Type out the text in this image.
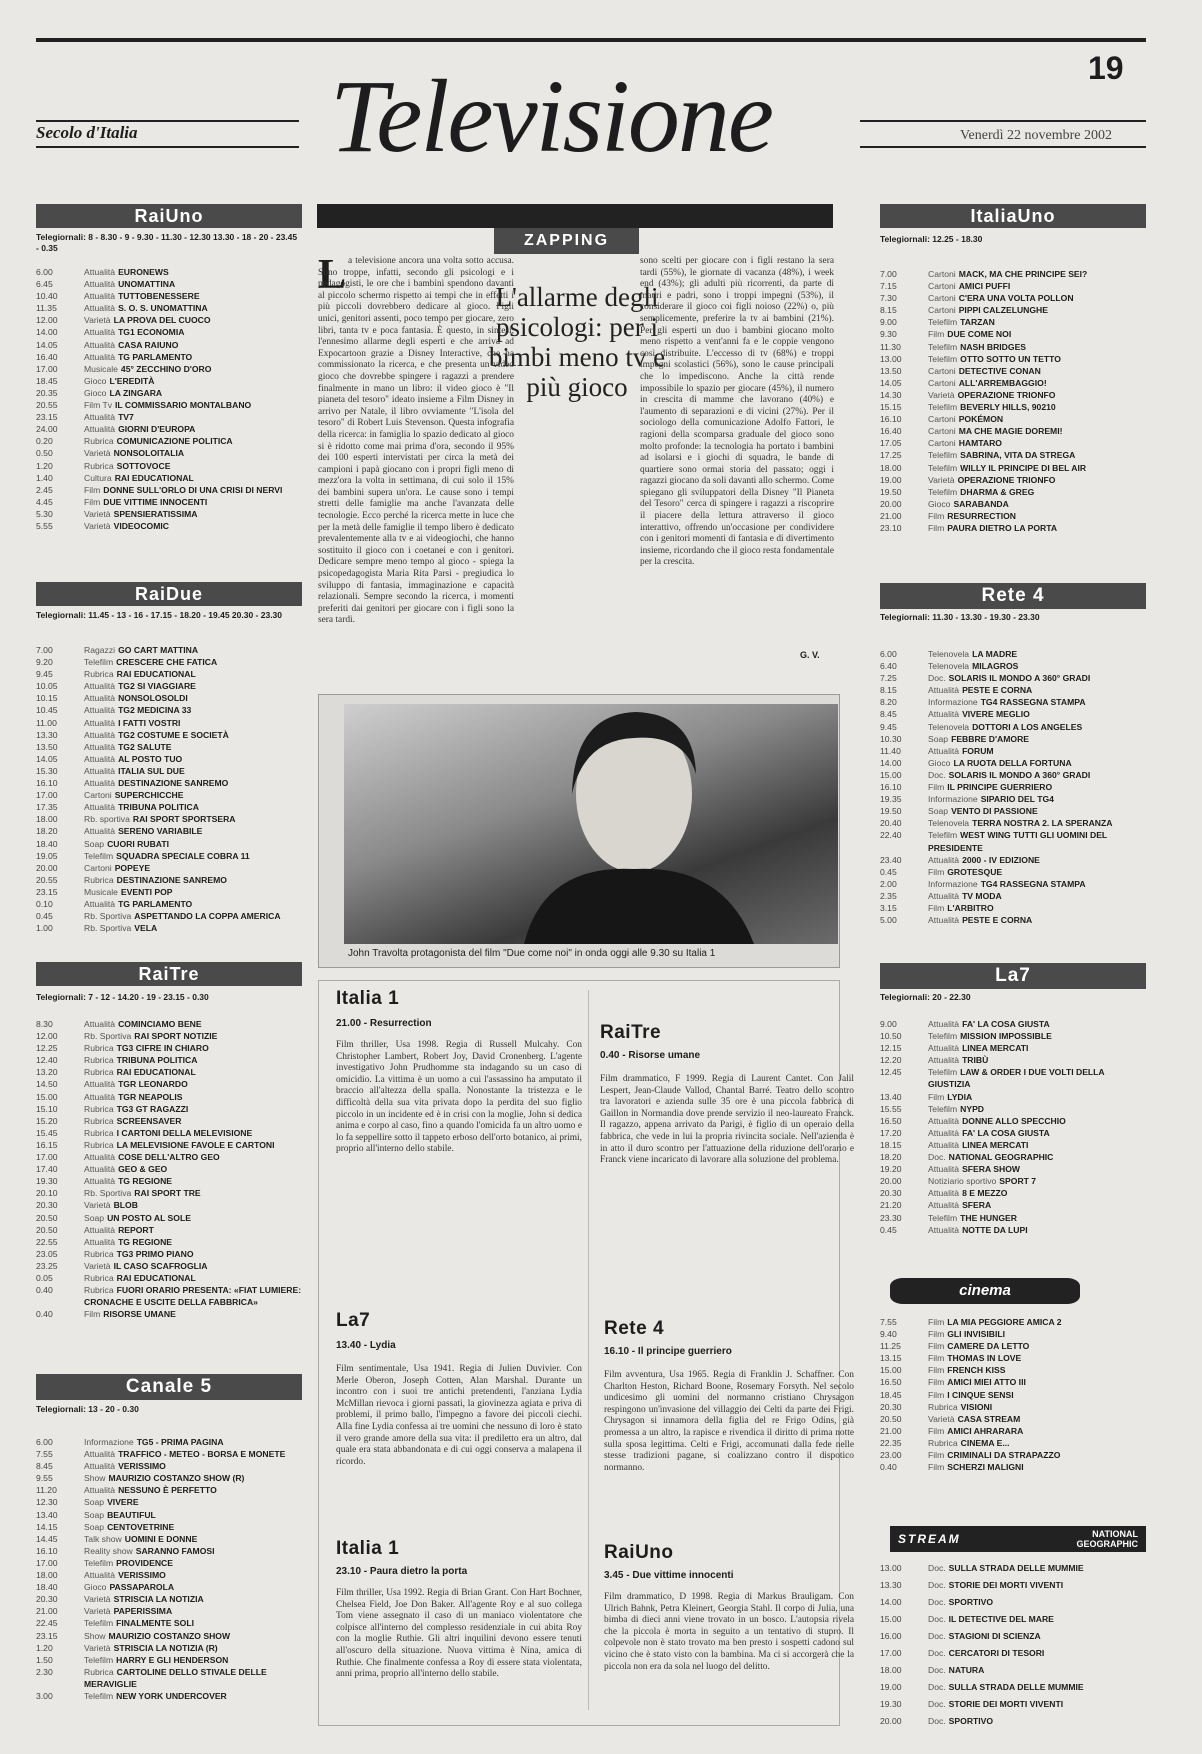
19
Secolo d'Italia Televisione	Venerdì 22 novembre 2002
RaiUno
Telegiornali: 8 - 8.30 - 9 - 9.30 - 11.30 - 12.30 13.30 - 18 - 20 - 23.45 - 0.35
6.00	Attualità EURONEWS
6.45	Attualità UNOMATTINA
10.40	Attualità TUTTOBENESSERE
11.35	Attualità S. O. S. UNOMATTINA
12.00	Varietà LA PROVA DEL CUOCO
14.00	Attualità TG1 ECONOMIA
14.05	Attualità CASA RAIUNO
16.40	Attualità TG PARLAMENTO
17.00	Musicale 45° ZECCHINO D'ORO
18.45	Gioco L'EREDITÀ
20.35	Gioco LA ZINGARA
20.55	Film Tv IL COMMISSARIO MONTALBANO
23.15	Attualità TV7
24.00	Attualità GIORNI D'EUROPA
0.20	Rubrica COMUNICAZIONE POLITICA
0.50	Varietà NONSOLOITALIA
1.20	Rubrica SOTTOVOCE
1.40	Cultura RAI EDUCATIONAL
2.45	Film DONNE SULL'ORLO DI UNA CRISI DI NERVI
4.45	Film DUE VITTIME INNOCENTI
5.30	Varietà SPENSIERATISSIMA
5.55	Varietà VIDEOCOMIC
RaiDue
Telegiornali: 11.45 - 13 - 16 - 17.15 - 18.20 - 19.45 20.30 - 23.30
7.00	Ragazzi GO CART MATTINA
9.20	Telefilm CRESCERE CHE FATICA
9.45	Rubrica RAI EDUCATIONAL
10.05	Attualità TG2 SI VIAGGIARE
10.15	Attualità NONSOLOSOLDI
10.45	Attualità TG2 MEDICINA 33
11.00	Attualità I FATTI VOSTRI
13.30	Attualità TG2 COSTUME E SOCIETÀ
13.50	Attualità TG2 SALUTE
14.05	Attualità AL POSTO TUO
15.30	Attualità ITALIA SUL DUE
16.10	Attualità DESTINAZIONE SANREMO
17.00	Cartoni SUPERCHICCHE
17.35	Attualità TRIBUNA POLITICA
18.00	Rb. sportiva RAI SPORT SPORTSERA
18.20	Attualità SERENO VARIABILE
18.40	Soap CUORI RUBATI
19.05	Telefilm SQUADRA SPECIALE COBRA 11
20.00	Cartoni POPEYE
20.55	Rubrica DESTINAZIONE SANREMO
23.15	Musicale EVENTI POP
0.10	Attualità TG PARLAMENTO
0.45	Rb. Sportiva ASPETTANDO LA COPPA AMERICA
1.00	Rb. Sportiva VELA
RaiTre
Telegiornali: 7 - 12 - 14.20 - 19 - 23.15 - 0.30
8.30	Attualità COMINCIAMO BENE
12.00	Rb. Sportiva RAI SPORT NOTIZIE
12.25	Rubrica TG3 CIFRE IN CHIARO
12.40	Rubrica TRIBUNA POLITICA
13.20	Rubrica RAI EDUCATIONAL
14.50	Attualità TGR LEONARDO
15.00	Attualità TGR NEAPOLIS
15.10	Rubrica TG3 GT RAGAZZI
15.20	Rubrica SCREENSAVER
15.45	Rubrica I CARTONI DELLA MELEVISIONE
16.15	Rubrica LA MELEVISIONE FAVOLE E CARTONI
17.00	Attualità COSE DELL'ALTRO GEO
17.40	Attualità GEO & GEO
19.30	Attualità TG REGIONE
20.10	Rb. Sportiva RAI SPORT TRE
20.30	Varietà BLOB
20.50	Soap UN POSTO AL SOLE
20.50	Attualità REPORT
22.55	Attualità TG REGIONE
23.05	Rubrica TG3 PRIMO PIANO
23.25	Varietà IL CASO SCAFROGLIA
0.05	Rubrica RAI EDUCATIONAL
0.40	Rubrica FUORI ORARIO PRESENTA: «FIAT LUMIERE: CRONACHE E USCITE DELLA FABBRICA»
0.40	Film RISORSE UMANE
Canale 5
Telegiornali: 13 - 20 - 0.30
6.00	Informazione TG5 - PRIMA PAGINA
7.55	Attualità TRAFFICO - METEO - BORSA E MONETE
8.45	Attualità VERISSIMO
9.55	Show MAURIZIO COSTANZO SHOW (R)
11.20	Attualità NESSUNO È PERFETTO
12.30	Soap VIVERE
13.40	Soap BEAUTIFUL
14.15	Soap CENTOVETRINE
14.45	Talk show UOMINI E DONNE
16.10	Reality show SARANNO FAMOSI
17.00	Telefilm PROVIDENCE
18.00	Attualità VERISSIMO
18.40	Gioco PASSAPAROLA
20.30	Varietà STRISCIA LA NOTIZIA
21.00	Varietà PAPERISSIMA
22.45	Telefilm FINALMENTE SOLI
23.15	Show MAURIZIO COSTANZO SHOW
1.20	Varietà STRISCIA LA NOTIZIA (R)
1.50	Telefilm HARRY E GLI HENDERSON
2.30	Rubrica CARTOLINE DELLO STIVALE DELLE MERAVIGLIE
3.00	Telefilm NEW YORK UNDERCOVER
ZAPPING
L'allarme degli psicologi: per i bimbi meno tv e più gioco
L a televisione ancora una volta sotto accusa. Sono troppe, infatti, secondo gli psicologi e i pedagogisti, le ore che i bambini spendono davanti al piccolo schermo rispetto ai tempi che in effetti i più piccoli dovrebbero dedicare al gioco. Figli unici, genitori assenti, poco tempo per giocare, zero libri, tanta tv e poca fantasia. È questo, in sintesi, l'ennesimo allarme degli esperti e che arriva ad Expocartoon grazie a Disney Interactive, che ha commissionato la ricerca, e che presenta un video gioco che dovrebbe spingere i ragazzi a prendere finalmente in mano un libro: il video gioco è "Il pianeta del tesoro" ideato insieme a Film Disney in arrivo per Natale, il libro ovviamente "L'isola del tesoro" di Robert Luis Stevenson. Questa infografia della ricerca: in famiglia lo spazio dedicato al gioco si è ridotto come mai prima d'ora, secondo il 95% dei 100 esperti intervistati per circa la metà dei campioni i papà giocano con i propri figli meno di mezz'ora la volta in settimana, di cui solo il 15% dei bambini supera un'ora. Le cause sono i tempi stretti delle famiglie ma anche l'avanzata delle tecnologie. Ecco perché la ricerca mette in luce che per la metà delle famiglie il tempo libero è dedicato prevalentemente alla tv e ai videogiochi, che hanno sostituito il gioco con i coetanei e con i genitori. Dedicare sempre meno tempo al gioco - spiega la psicopedagogista Maria Rita Parsi - pregiudica lo sviluppo di fantasia, immaginazione e capacità relazionali. Sempre secondo la ricerca, i momenti preferiti dai genitori per giocare con i figli sono la sera tardi.
sono scelti per giocare con i figli restano la sera tardi (55%), le giornate di vacanza (48%), i week end (43%); gli adulti più ricorrenti, da parte di madri e padri, sono i troppi impegni (53%), il considerare il gioco coi figli noioso (22%) o, più semplicemente, preferire la tv ai bambini (21%). Per gli esperti un duo i bambini giocano molto meno rispetto a vent'anni fa e le coppie vengono così distribuite. L'eccesso di tv (68%) e troppi impegni scolastici (56%), sono le cause principali che lo impediscono. Anche la città rende impossibile lo spazio per giocare (45%), il numero in crescita di mamme che lavorano (40%) e l'aumento di separazioni e di vicini (27%). Per il sociologo della comunicazione Adolfo Fattori, le ragioni della scomparsa graduale del gioco sono molto profonde: la tecnologia ha portato i bambini ad isolarsi e i giochi di squadra, le bande di quartiere sono ormai storia del passato; oggi i ragazzi giocano da soli davanti allo schermo. Come spiegano gli sviluppatori della Disney "Il Pianeta del Tesoro" cerca di spingere i ragazzi a riscoprire il piacere della lettura attraverso il gioco interattivo, offrendo un'occasione per condividere con i genitori momenti di fantasia e di divertimento insieme, ricordando che il gioco resta fondamentale per la crescita.
G. V.
John Travolta protagonista del film "Due come noi" in onda oggi alle 9.30 su Italia 1
Italia 1
21.00 - Resurrection
Film thriller, Usa 1998. Regia di Russell Mulcahy. Con Christopher Lambert, Robert Joy, David Cronenberg. L'agente investigativo John Prudhomme sta indagando su un caso di omicidio. La vittima è un uomo a cui l'assassino ha amputato il braccio all'altezza della spalla. Nonostante la tristezza e le difficoltà della sua vita privata dopo la perdita del suo figlio piccolo in un incidente ed è in crisi con la moglie, John si dedica anima e corpo al caso, fino a quando l'omicida fa un altro uomo e lo fa seppellire sotto il tappeto erboso dell'orto botanico, ai primi, proprio all'interno dello stabile.
RaiTre
0.40 - Risorse umane
Film drammatico, F 1999. Regia di Laurent Cantet. Con Jalil Lespert, Jean-Claude Vallod, Chantal Barré. Teatro dello scontro tra lavoratori e azienda sulle 35 ore è una piccola fabbrica di Gaillon in Normandia dove prende servizio il neo-laureato Franck. Il ragazzo, appena arrivato da Parigi, è figlio di un operaio della fabbrica, che vede in lui la propria rivincita sociale. Nell'azienda è in atto il duro scontro per l'attuazione della riduzione dell'orario e Franck viene incaricato di lavorare alla soluzione del problema.
La7
13.40 - Lydia
Film sentimentale, Usa 1941. Regia di Julien Duvivier. Con Merle Oberon, Joseph Cotten, Alan Marshal. Durante un incontro con i suoi tre antichi pretendenti, l'anziana Lydia McMillan rievoca i giorni passati, la giovinezza agiata e priva di problemi, il primo ballo, l'impegno a favore dei piccoli ciechi. Alla fine Lydia confessa ai tre uomini che nessuno di loro è stato il vero grande amore della sua vita: il prediletto era un altro, dal quale era stata abbandonata e di cui oggi conserva a malapena il ricordo.
Rete 4
16.10 - Il principe guerriero
Film avventura, Usa 1965. Regia di Franklin J. Schaffner. Con Charlton Heston, Richard Boone, Rosemary Forsyth. Nel secolo undicesimo gli uomini del normanno cristiano Chrysagon respingono un'invasione del villaggio dei Celti da parte dei Frigi. Chrysagon si innamora della figlia del re Frigo Odins, già promessa a un altro, la rapisce e rivendica il diritto di prima notte sulla sposa legittima. Celti e Frigi, accomunati dalla fede nelle stesse tradizioni pagane, si coalizzano contro il dispotico normanno.
Italia 1
23.10 - Paura dietro la porta
Film thriller, Usa 1992. Regia di Brian Grant. Con Hart Bochner, Chelsea Field, Joe Don Baker. All'agente Roy e al suo collega Tom viene assegnato il caso di un maniaco violentatore che colpisce all'interno del complesso residenziale in cui abita Roy con la moglie Ruthie. Gli altri inquilini devono essere tenuti all'oscuro della situazione. Nuova vittima è Nina, amica di Ruthie. Che finalmente confessa a Roy di essere stata violentata, anni prima, proprio all'interno dello stabile.
RaiUno
3.45 - Due vittime innocenti
Film drammatico, D 1998. Regia di Markus Brauligam. Con Ulrich Bahnk, Petra Kleinert, Georgia Stahl. Il corpo di Julia, una bimba di dieci anni viene trovato in un bosco. L'autopsia rivela che la piccola è morta in seguito a un tentativo di stupro. Il colpevole non è stato trovato ma ben presto i sospetti cadono sul vicino che è stato visto con la bambina. Ma ci si accorgerà che la piccola non era da sola nel luogo del delitto.
ItaliaUno
Telegiornali: 12.25 - 18.30
7.00	Cartoni MACK, MA CHE PRINCIPE SEI?
7.15	Cartoni AMICI PUFFI
7.30	Cartoni C'ERA UNA VOLTA POLLON
8.15	Cartoni PIPPI CALZELUNGHE
9.00	Telefilm TARZAN
9.30	Film DUE COME NOI
11.30	Telefilm NASH BRIDGES
13.00	Telefilm OTTO SOTTO UN TETTO
13.50	Cartoni DETECTIVE CONAN
14.05	Cartoni ALL'ARREMBAGGIO!
14.30	Varietà OPERAZIONE TRIONFO
15.15	Telefilm BEVERLY HILLS, 90210
16.10	Cartoni POKÉMON
16.40	Cartoni MA CHE MAGIE DOREMI!
17.05	Cartoni HAMTARO
17.25	Telefilm SABRINA, VITA DA STREGA
18.00	Telefilm WILLY IL PRINCIPE DI BEL AIR
19.00	Varietà OPERAZIONE TRIONFO
19.50	Telefilm DHARMA & GREG
20.00	Gioco SARABANDA
21.00	Film RESURRECTION
23.10	Film PAURA DIETRO LA PORTA
Rete 4
Telegiornali: 11.30 - 13.30 - 19.30 - 23.30
6.00	Telenovela LA MADRE
6.40	Telenovela MILAGROS
7.25	Doc. SOLARIS IL MONDO A 360° GRADI
8.15	Attualità PESTE E CORNA
8.20	Informazione TG4 RASSEGNA STAMPA
8.45	Attualità VIVERE MEGLIO
9.45	Telenovela DOTTORI A LOS ANGELES
10.30	Soap FEBBRE D'AMORE
11.40	Attualità FORUM
14.00	Gioco LA RUOTA DELLA FORTUNA
15.00	Doc. SOLARIS IL MONDO A 360° GRADI
16.10	Film IL PRINCIPE GUERRIERO
19.35	Informazione SIPARIO DEL TG4
19.50	Soap VENTO DI PASSIONE
20.40	Telenovela TERRA NOSTRA 2. LA SPERANZA
22.40	Telefilm WEST WING TUTTI GLI UOMINI DEL PRESIDENTE
23.40	Attualità 2000 - IV EDIZIONE
0.45	Film GROTESQUE
2.00	Informazione TG4 RASSEGNA STAMPA
2.35	Attualità TV MODA
3.15	Film L'ARBITRO
5.00	Attualità PESTE E CORNA
La7
Telegiornali: 20 - 22.30
9.00	Attualità FA' LA COSA GIUSTA
10.50	Telefilm MISSION IMPOSSIBLE
12.15	Attualità LINEA MERCATI
12.20	Attualità TRIBÙ
12.45	Telefilm LAW & ORDER I DUE VOLTI DELLA GIUSTIZIA
13.40	Film LYDIA
15.55	Telefilm NYPD
16.50	Attualità DONNE ALLO SPECCHIO
17.20	Attualità FA' LA COSA GIUSTA
18.15	Attualità LINEA MERCATI
18.20	Doc. NATIONAL GEOGRAPHIC
19.20	Attualità SFERA SHOW
20.00	Notiziario sportivo SPORT 7
20.30	Attualità 8 E MEZZO
21.20	Attualità SFERA
23.30	Telefilm THE HUNGER
0.45	Attualità NOTTE DA LUPI
cinema
7.55	Film LA MIA PEGGIORE AMICA 2
9.40	Film GLI INVISIBILI
11.25	Film CAMERE DA LETTO
13.15	Film THOMAS IN LOVE
15.00	Film FRENCH KISS
16.50	Film AMICI MIEI ATTO III
18.45	Film I CINQUE SENSI
20.30	Rubrica VISIONI
20.50	Varietà CASA STREAM
21.00	Film AMICI AHRARARA
22.35	Rubrica CINEMA E...
23.00	Film CRIMINALI DA STRAPAZZO
0.40	Film SCHERZI MALIGNI
STREAM	NATIONAL GEOGRAPHIC
13.00	Doc. SULLA STRADA DELLE MUMMIE
13.30	Doc. STORIE DEI MORTI VIVENTI
14.00	Doc. SPORTIVO
15.00	Doc. IL DETECTIVE DEL MARE
16.00	Doc. STAGIONI DI SCIENZA
17.00	Doc. CERCATORI DI TESORI
18.00	Doc. NATURA
19.00	Doc. SULLA STRADA DELLE MUMMIE
19.30	Doc. STORIE DEI MORTI VIVENTI
20.00	Doc. SPORTIVO
